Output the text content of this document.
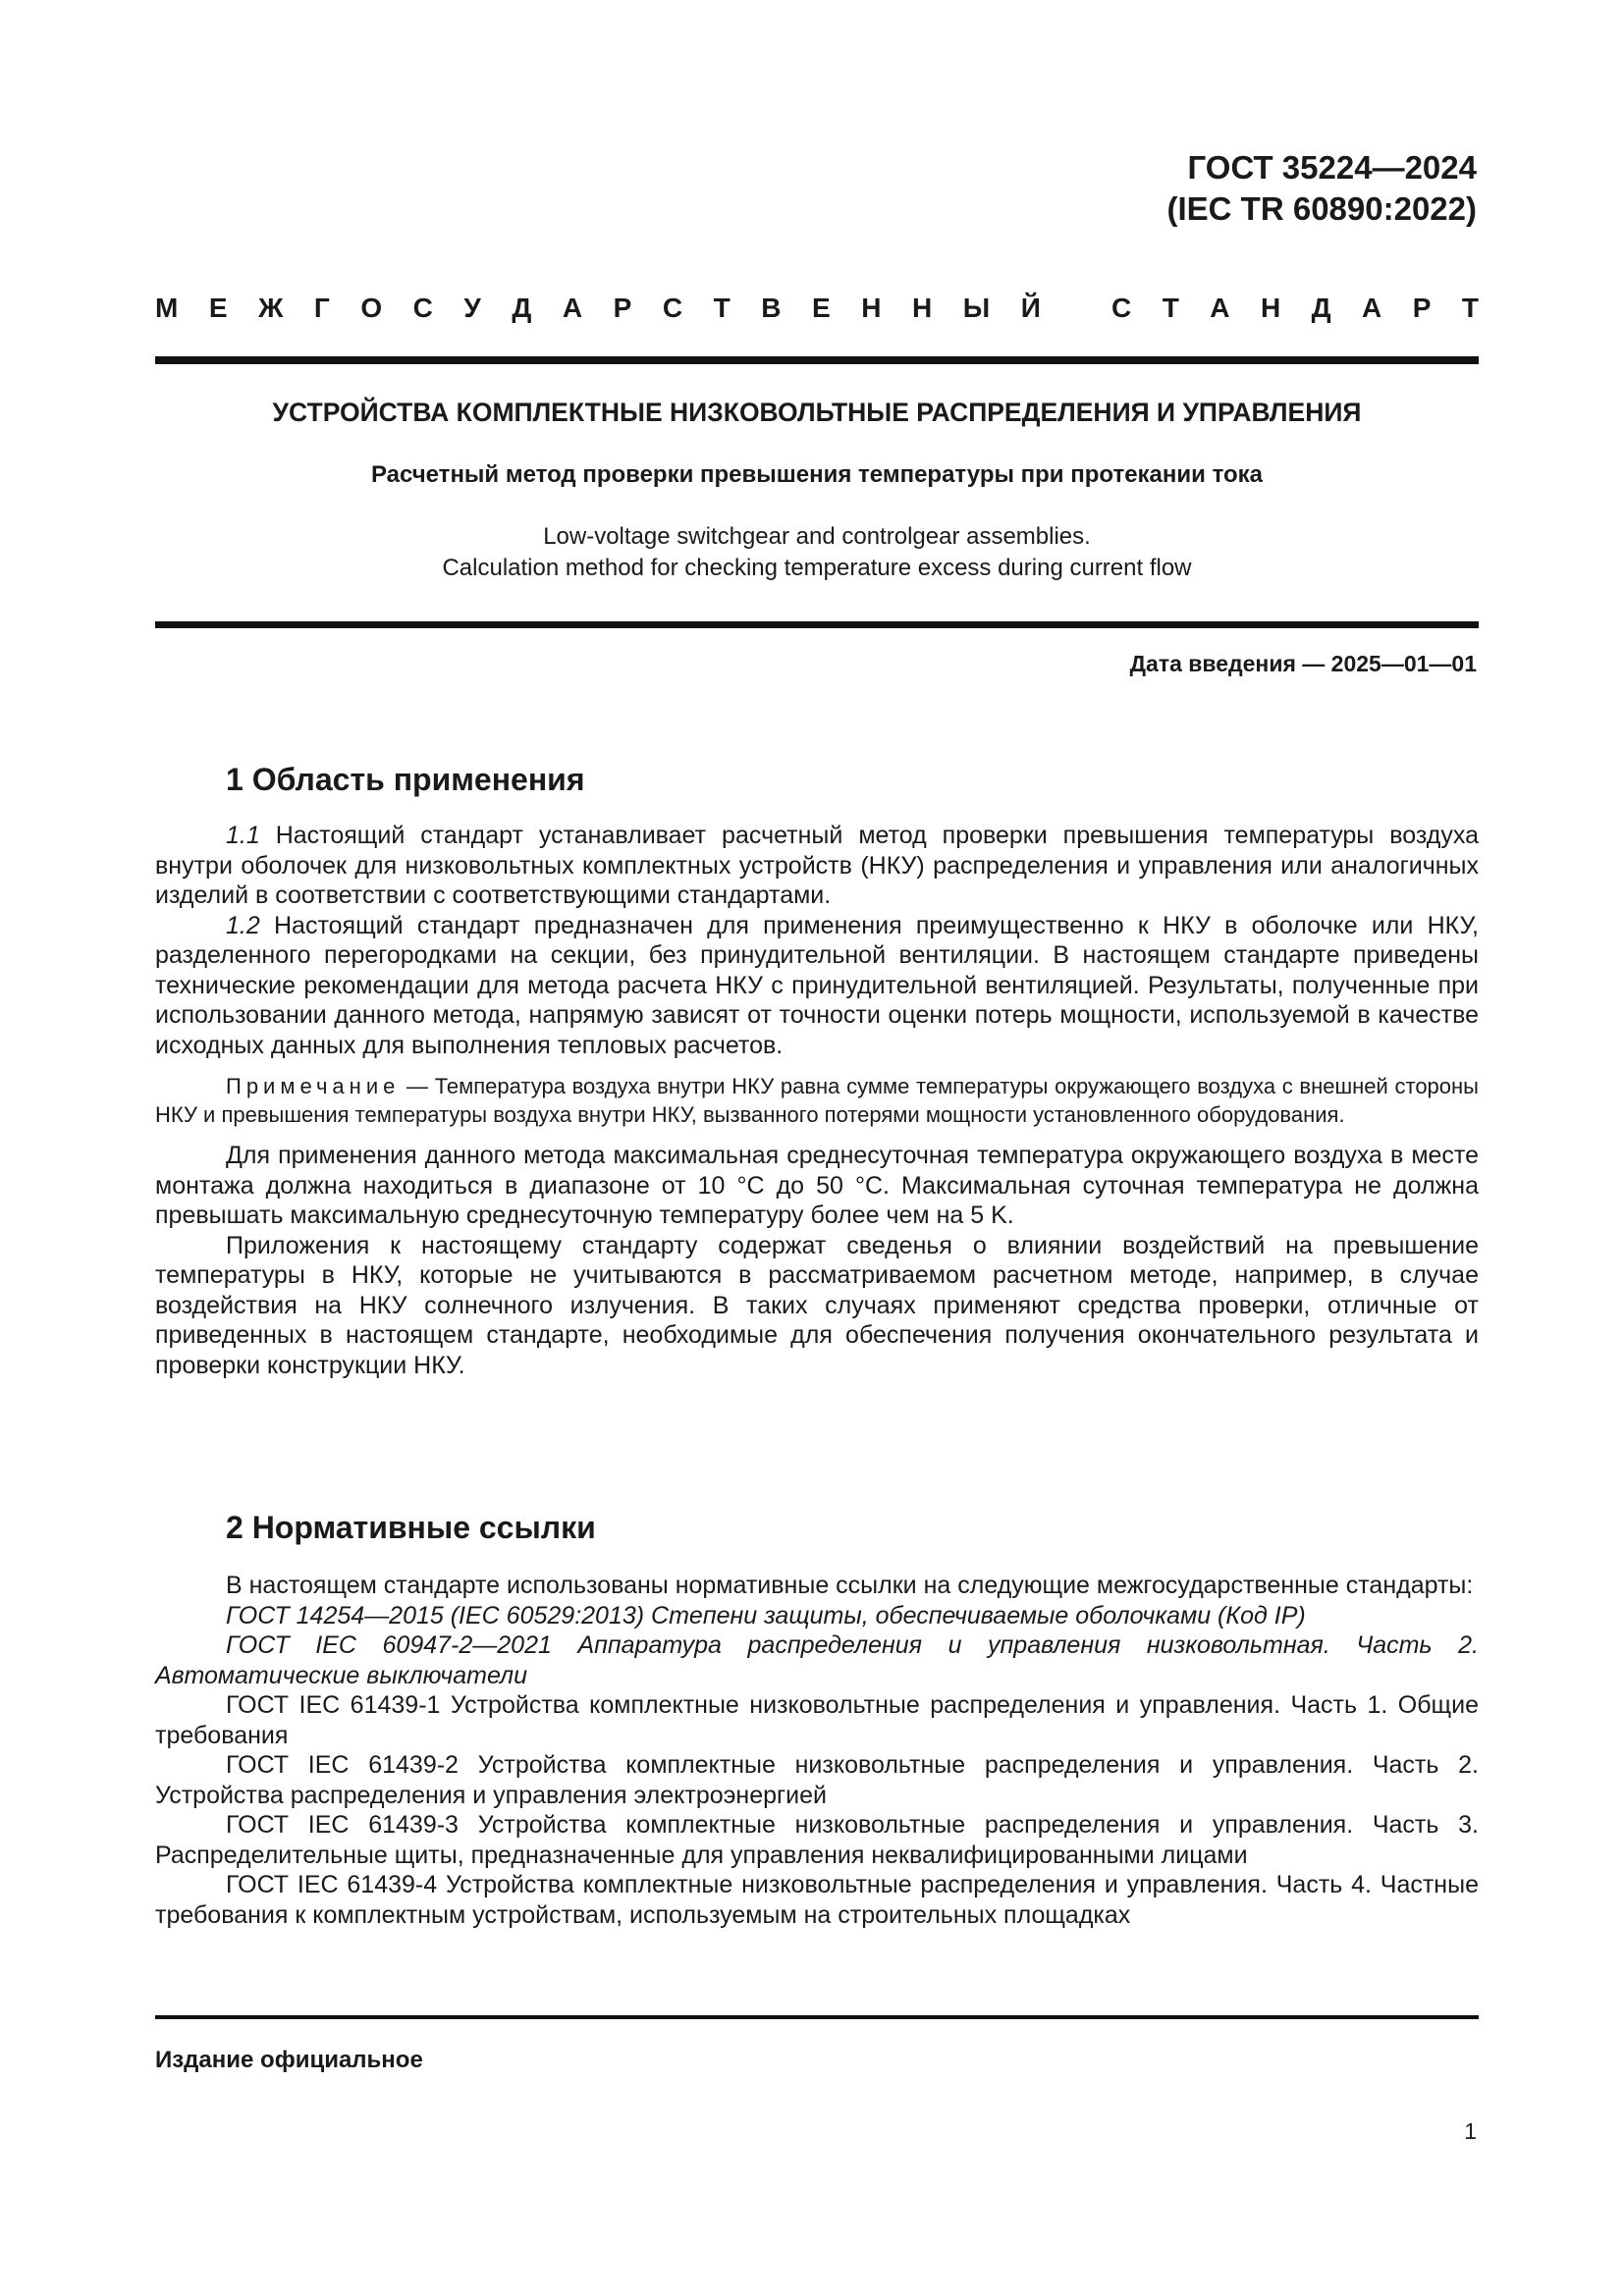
ГОСТ 35224—2024
(IEC TR 60890:2022)
М Е Ж Г О С У Д А Р С Т В Е Н Н Ы Й	С Т А Н Д А Р Т
УСТРОЙСТВА КОМПЛЕКТНЫЕ НИЗКОВОЛЬТНЫЕ РАСПРЕДЕЛЕНИЯ И УПРАВЛЕНИЯ
Расчетный метод проверки превышения температуры при протекании тока
Low-voltage switchgear and controlgear assemblies.
Calculation method for checking temperature excess during current flow
Дата введения — 2025—01—01
1 Область применения

1.1 Настоящий стандарт устанавливает расчетный метод проверки превышения температуры воздуха внутри оболочек для низковольтных комплектных устройств (НКУ) распределения и управления или аналогичных изделий в соответствии с соответствующими стандартами.

1.2 Настоящий стандарт предназначен для применения преимущественно к НКУ в оболочке или НКУ, разделенного перегородками на секции, без принудительной вентиляции. В настоящем стандарте приведены технические рекомендации для метода расчета НКУ с принудительной вентиляцией. Результаты, полученные при использовании данного метода, напрямую зависят от точности оценки потерь мощности, используемой в качестве исходных данных для выполнения тепловых расчетов.

Примечание — Температура воздуха внутри НКУ равна сумме температуры окружающего воздуха с внешней стороны НКУ и превышения температуры воздуха внутри НКУ, вызванного потерями мощности установленного оборудования.

Для применения данного метода максимальная среднесуточная температура окружающего воздуха в месте монтажа должна находиться в диапазоне от 10 °С до 50 °С. Максимальная суточная температура не должна превышать максимальную среднесуточную температуру более чем на 5 K.

Приложения к настоящему стандарту содержат сведенья о влиянии воздействий на превышение температуры в НКУ, которые не учитываются в рассматриваемом расчетном методе, например, в случае воздействия на НКУ солнечного излучения. В таких случаях применяют средства проверки, отличные от приведенных в настоящем стандарте, необходимые для обеспечения получения окончательного результата и проверки конструкции НКУ.

2 Нормативные ссылки

В настоящем стандарте использованы нормативные ссылки на следующие межгосударственные стандарты:

ГОСТ 14254—2015 (IEC 60529:2013) Степени защиты, обеспечиваемые оболочками (Код IP)

ГОСТ IEC 60947-2—2021 Аппаратура распределения и управления низковольтная. Часть 2. Автоматические выключатели

ГОСТ IEC 61439-1 Устройства комплектные низковольтные распределения и управления. Часть 1. Общие требования

ГОСТ IEC 61439-2 Устройства комплектные низковольтные распределения и управления. Часть 2. Устройства распределения и управления электроэнергией

ГОСТ IEC 61439-3 Устройства комплектные низковольтные распределения и управления. Часть 3. Распределительные щиты, предназначенные для управления неквалифицированными лицами

ГОСТ IEC 61439-4 Устройства комплектные низковольтные распределения и управления. Часть 4. Частные требования к комплектным устройствам, используемым на строительных площадках

Издание официальное
1
